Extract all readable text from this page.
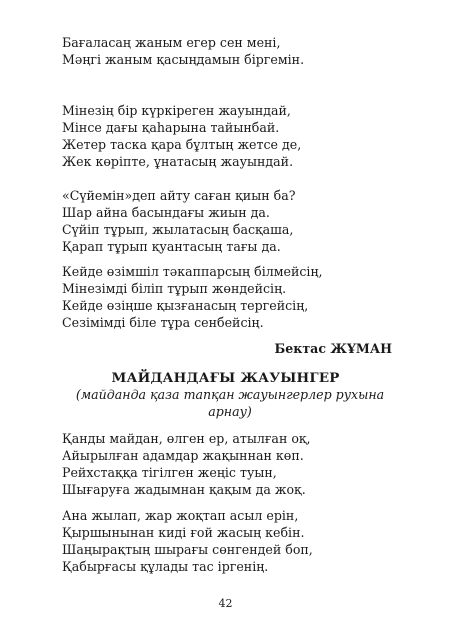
Бағаласаң жаным егер сен мені,
Мәңгі жаным қасыңдамын біргемін.
Мінезің бір күркіреген жауындай,
Мінсе дағы қаһарына тайынбай.
Жетер таска қара бұлтың жетсе де,
Жек көріпте, ұнатасың жауындай.
«Сүйемін»деп айту саған қиын ба?
Шар айна басындағы жиын да.
Сүйіп тұрып, жылатасың басқаша,
Қарап тұрып қуантасың тағы да.
Кейде өзімшіл тәкаппарсың білмейсің,
Мінезімді біліп тұрып жөндейсің.
Кейде өзіңше қызғанасың тергейсің,
Сезімімді біле тұра сенбейсің.
Бектас ЖҰМАН
МАЙДАНДАҒЫ ЖАУЫНГЕР
(майданда қаза тапқан жауынгерлер рухына арнау)
Қанды майдан, өлген ер, атылған оқ,
Айырылған адамдар жақыннан көп.
Рейхстаққа тігілген жеңіс туын,
Шығаруға жадымнан қақым да жоқ.
Ана жылап, жар жоқтап асыл ерін,
Қыршынынан киді ғой жасың кебін.
Шаңырақтың шырағы сөнгендей боп,
Қабырғасы құлады тас іргенің.
42
